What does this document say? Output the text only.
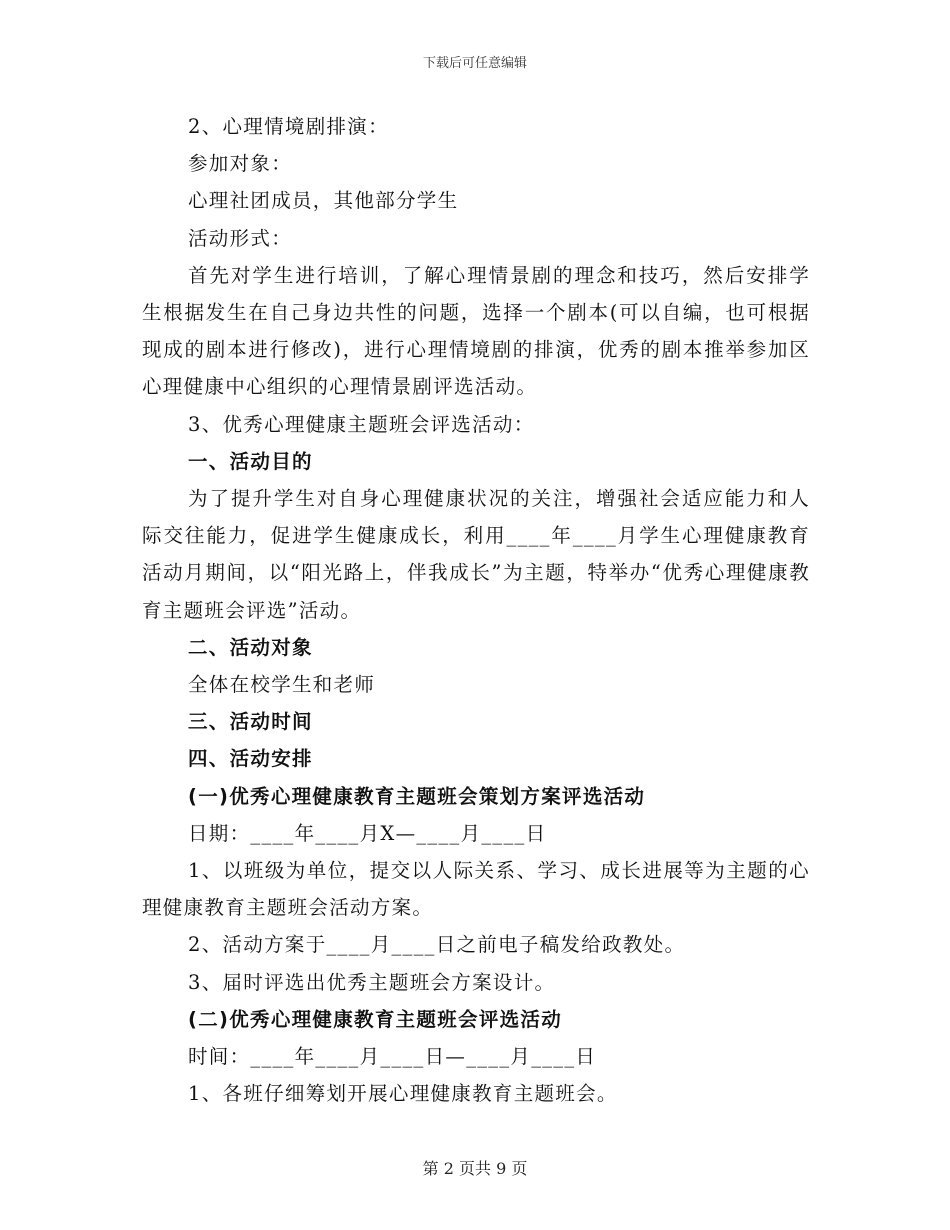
下载后可任意编辑

2、心理情境剧排演：

参加对象：

心理社团成员，其他部分学生

活动形式：

首先对学生进行培训，了解心理情景剧的理念和技巧，然后安排学生根据发生在自己身边共性的问题，选择一个剧本(可以自编，也可根据现成的剧本进行修改)，进行心理情境剧的排演，优秀的剧本推举参加区心理健康中心组织的心理情景剧评选活动。

3、优秀心理健康主题班会评选活动：

一、活动目的

为了提升学生对自身心理健康状况的关注，增强社会适应能力和人际交往能力，促进学生健康成长，利用____年____月学生心理健康教育活动月期间，以“阳光路上，伴我成长”为主题，特举办“优秀心理健康教育主题班会评选”活动。

二、活动对象

全体在校学生和老师

三、活动时间

四、活动安排

(一)优秀心理健康教育主题班会策划方案评选活动

日期：____年____月X—____月____日

1、以班级为单位，提交以人际关系、学习、成长进展等为主题的心理健康教育主题班会活动方案。

2、活动方案于____月____日之前电子稿发给政教处。

3、届时评选出优秀主题班会方案设计。

(二)优秀心理健康教育主题班会评选活动

时间：____年____月____日—____月____日

1、各班仔细筹划开展心理健康教育主题班会。

第 2 页共 9 页
